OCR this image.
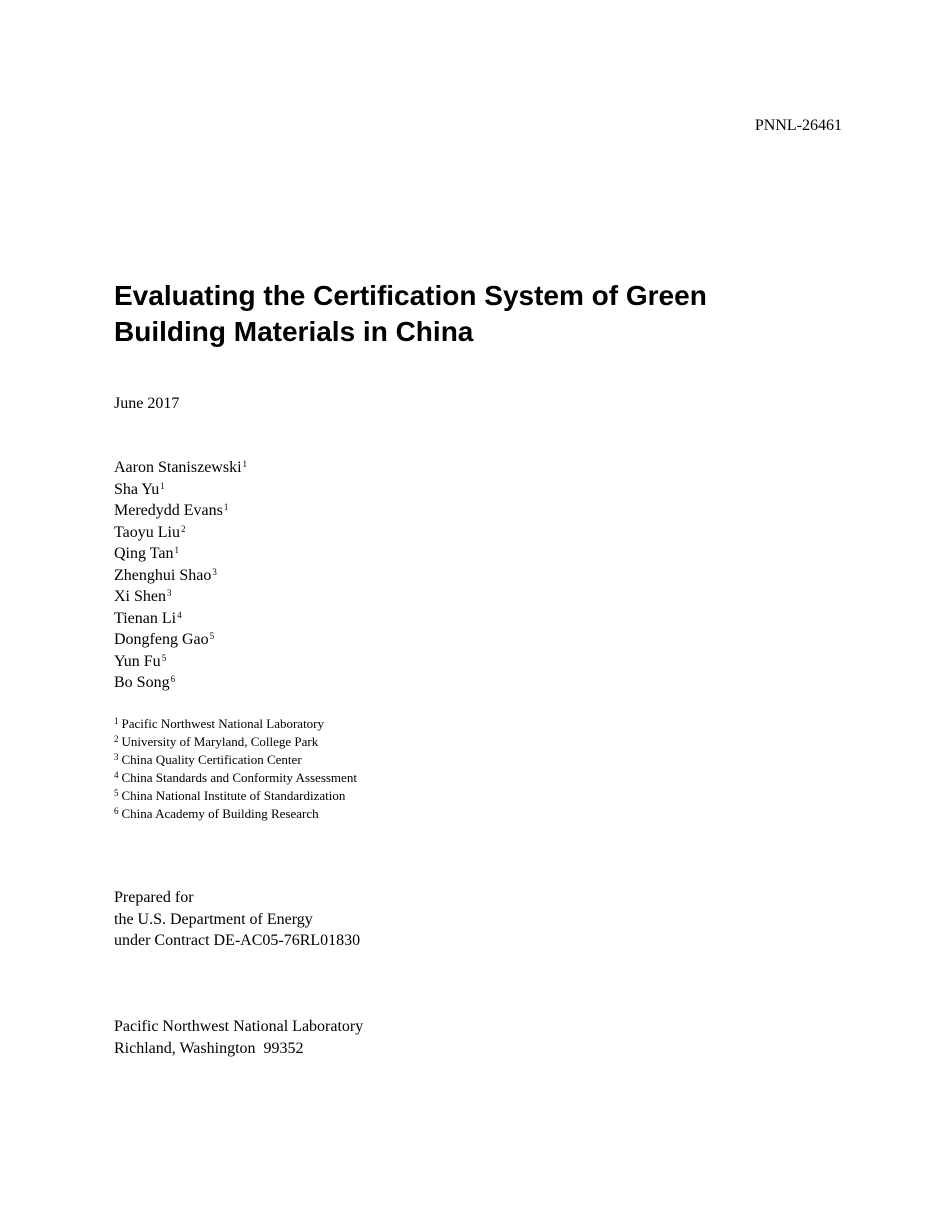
PNNL-26461
Evaluating the Certification System of Green
Building Materials in China
June 2017
Aaron Staniszewski$^1$
Sha Yu$^1$
Meredydd Evans$^1$
Taoyu Liu$^2$
Qing Tan$^1$
Zhenghui Shao$^3$
Xi Shen$^3$
Tienan Li$^4$
Dongfeng Gao$^5$
Yun Fu$^5$
Bo Song$^6$
$^1$ Pacific Northwest National Laboratory
$^2$ University of Maryland, College Park
$^3$ China Quality Certification Center
$^4$ China Standards and Conformity Assessment
$^5$ China National Institute of Standardization
$^6$ China Academy of Building Research
Prepared for
the U.S. Department of Energy
under Contract DE-AC05-76RL01830
Pacific Northwest National Laboratory
Richland, Washington  99352
